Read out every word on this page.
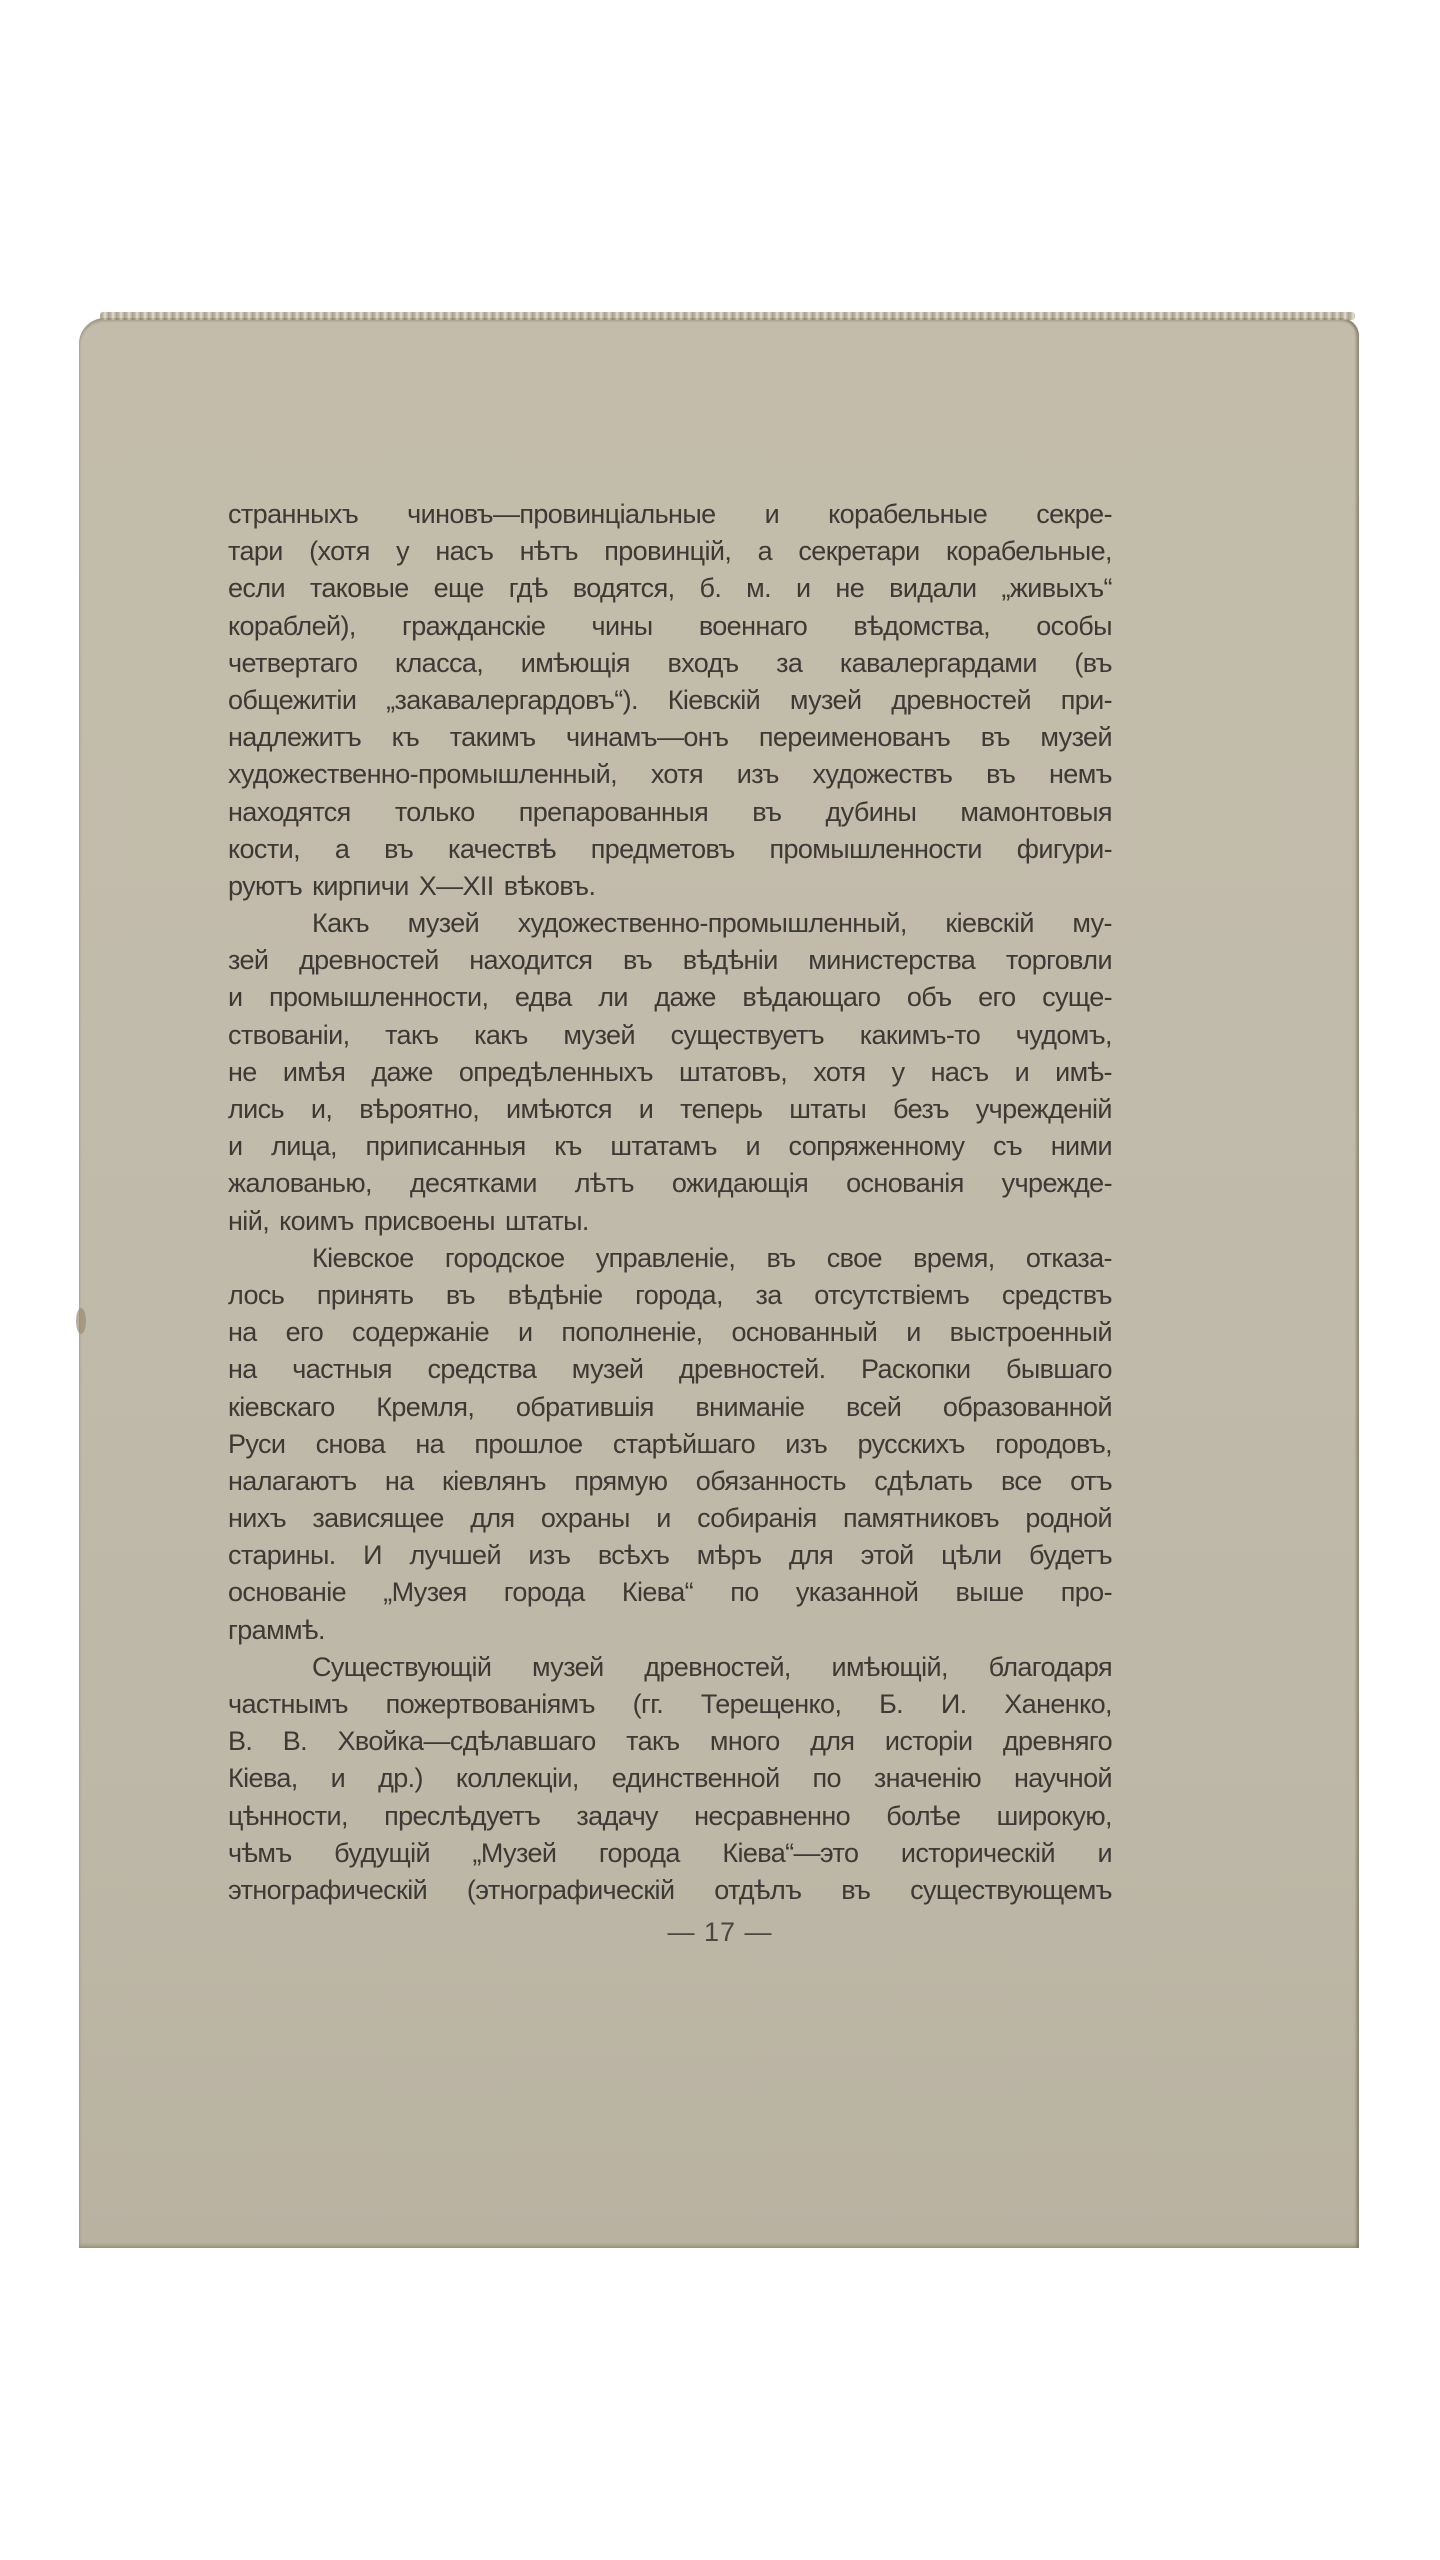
странныхъ чиновъ—провинціальные и корабельные секре-
тари (хотя у насъ нѣтъ провинцій, а секретари корабельные,
если таковые еще гдѣ водятся, б. м. и не видали „живыхъ“
кораблей), гражданскіе чины военнаго вѣдомства, особы
четвертаго класса, имѣющія входъ за кавалергардами (въ
общежитіи „закавалергардовъ“). Кіевскій музей древностей при-
надлежитъ къ такимъ чинамъ—онъ переименованъ въ музей
художественно-промышленный, хотя изъ художествъ въ немъ
находятся только препарованныя въ дубины мамонтовыя
кости, а въ качествѣ предметовъ промышленности фигури-
руютъ кирпичи X—XII вѣковъ.
Какъ музей художественно-промышленный, кіевскій му-
зей древностей находится въ вѣдѣніи министерства торговли
и промышленности, едва ли даже вѣдающаго объ его суще-
ствованіи, такъ какъ музей существуетъ какимъ-то чудомъ,
не имѣя даже опредѣленныхъ штатовъ, хотя у насъ и имѣ-
лись и, вѣроятно, имѣются и теперь штаты безъ учрежденій
и лица, приписанныя къ штатамъ и сопряженному съ ними
жалованью, десятками лѣтъ ожидающія основанія учрежде-
ній, коимъ присвоены штаты.
Кіевское городское управленіе, въ свое время, отказа-
лось принять въ вѣдѣніе города, за отсутствіемъ средствъ
на его содержаніе и пополненіе, основанный и выстроенный
на частныя средства музей древностей. Раскопки бывшаго
кіевскаго Кремля, обратившія вниманіе всей образованной
Руси снова на прошлое старѣйшаго изъ русскихъ городовъ,
налагаютъ на кіевлянъ прямую обязанность сдѣлать все отъ
нихъ зависящее для охраны и собиранія памятниковъ родной
старины. И лучшей изъ всѣхъ мѣръ для этой цѣли будетъ
основаніе „Музея города Кіева“ по указанной выше про-
граммѣ.
Существующій музей древностей, имѣющій, благодаря
частнымъ пожертвованіямъ (гг. Терещенко, Б. И. Ханенко,
В. В. Хвойка—сдѣлавшаго такъ много для исторіи древняго
Кіева, и др.) коллекціи, единственной по значенію научной
цѣнности, преслѣдуетъ задачу несравненно болѣе широкую,
чѣмъ будущій „Музей города Кіева“—это историческій и
этнографическій (этнографическій отдѣлъ въ существующемъ
— 17 —
